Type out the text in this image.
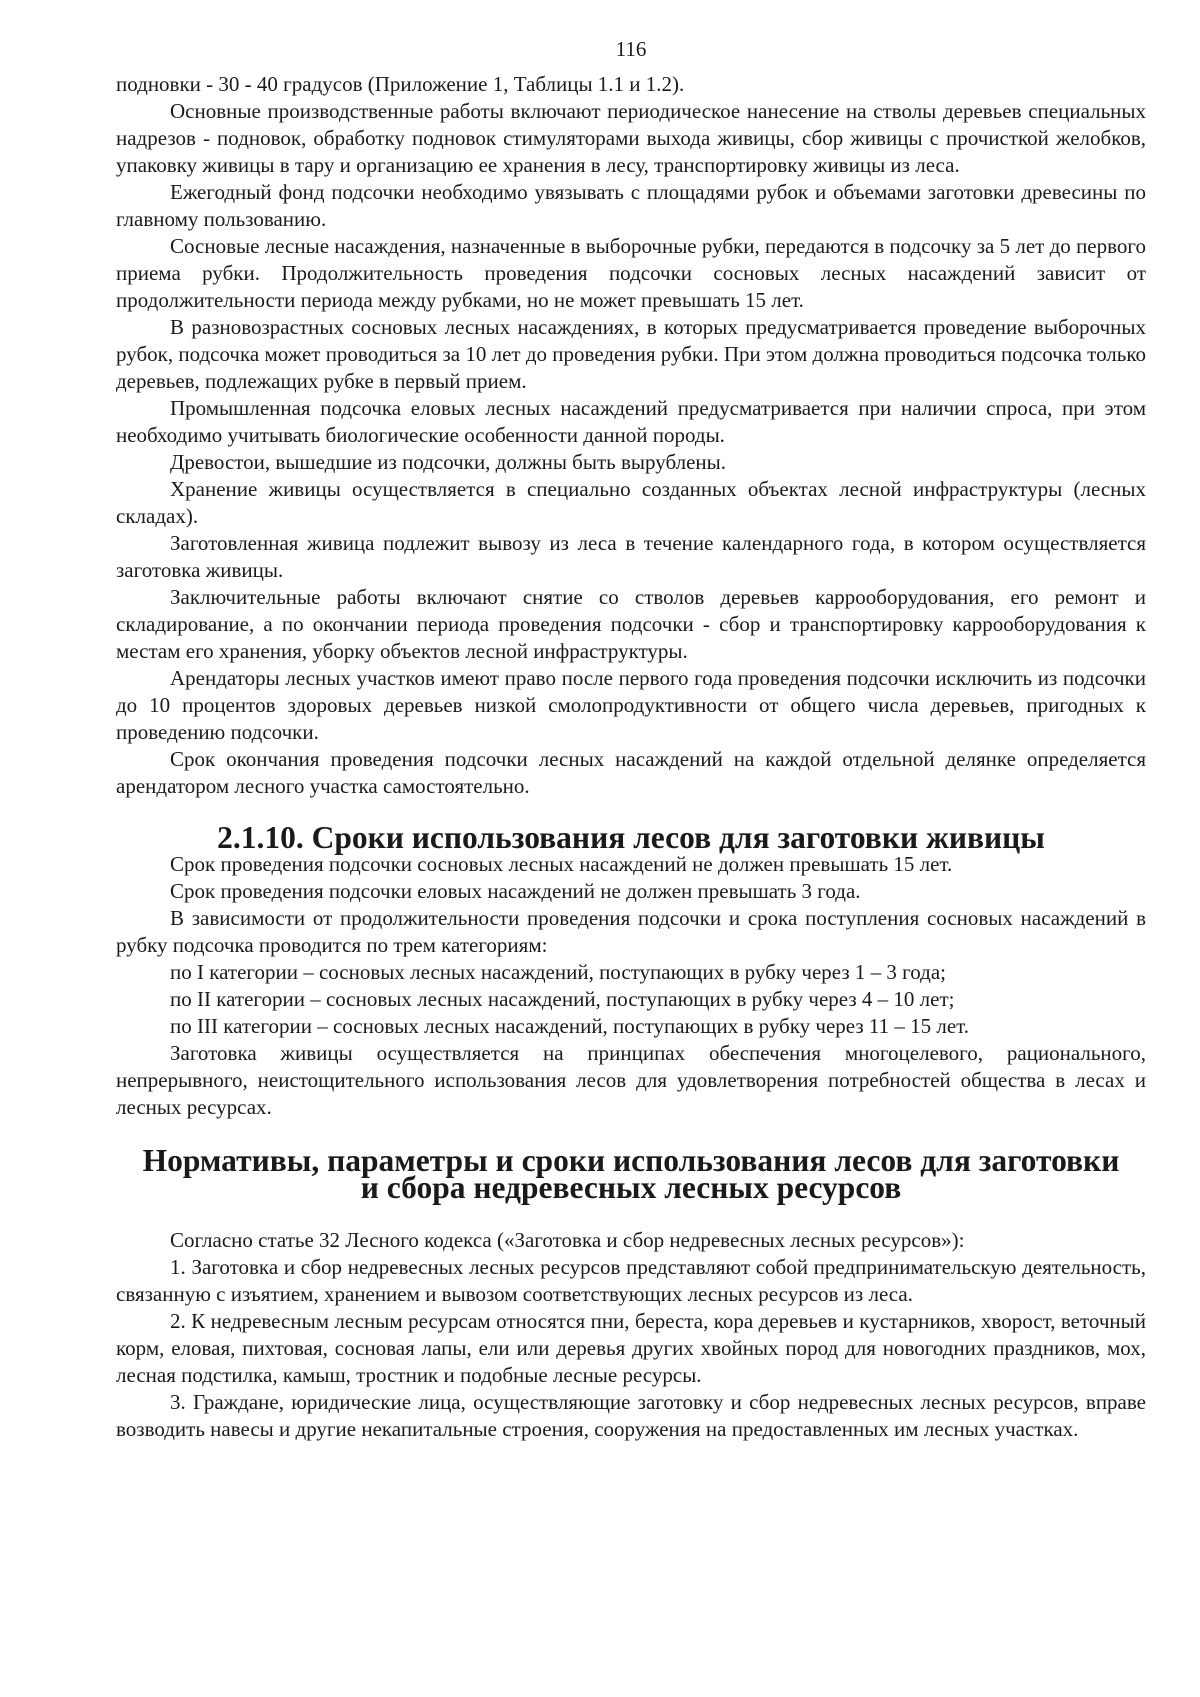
116

подновки - 30 - 40 градусов (Приложение 1, Таблицы 1.1 и 1.2).

Основные производственные работы включают периодическое нанесение на стволы деревьев специальных надрезов - подновок, обработку подновок стимуляторами выхода живицы, сбор живицы с прочисткой желобков, упаковку живицы в тару и организацию ее хранения в лесу, транспортировку живицы из леса.

Ежегодный фонд подсочки необходимо увязывать с площадями рубок и объемами заготовки древесины по главному пользованию.

Сосновые лесные насаждения, назначенные в выборочные рубки, передаются в подсочку за 5 лет до первого приема рубки. Продолжительность проведения подсочки сосновых лесных насаждений зависит от продолжительности периода между рубками, но не может превышать 15 лет.

В разновозрастных сосновых лесных насаждениях, в которых предусматривается проведение выборочных рубок, подсочка может проводиться за 10 лет до проведения рубки. При этом должна проводиться подсочка только деревьев, подлежащих рубке в первый прием.

Промышленная подсочка еловых лесных насаждений предусматривается при наличии спроса, при этом необходимо учитывать биологические особенности данной породы.

Древостои, вышедшие из подсочки, должны быть вырублены.

Хранение живицы осуществляется в специально созданных объектах лесной инфраструктуры (лесных складах).

Заготовленная живица подлежит вывозу из леса в течение календарного года, в котором осуществляется заготовка живицы.

Заключительные работы включают снятие со стволов деревьев каррооборудования, его ремонт и складирование, а по окончании периода проведения подсочки - сбор и транспортировку каррооборудования к местам его хранения, уборку объектов лесной инфраструктуры.

Арендаторы лесных участков имеют право после первого года проведения подсочки исключить из подсочки до 10 процентов здоровых деревьев низкой смолопродуктивности от общего числа деревьев, пригодных к проведению подсочки.

Срок окончания проведения подсочки лесных насаждений на каждой отдельной делянке определяется арендатором лесного участка самостоятельно.

2.1.10. Сроки использования лесов для заготовки живицы

Срок проведения подсочки сосновых лесных насаждений не должен превышать 15 лет.

Срок проведения подсочки еловых насаждений не должен превышать 3 года.

В зависимости от продолжительности проведения подсочки и срока поступления сосновых насаждений в рубку подсочка проводится по трем категориям:

по I категории – сосновых лесных насаждений, поступающих в рубку через 1 – 3 года;

по II категории – сосновых лесных насаждений, поступающих в рубку через 4 – 10 лет;

по III категории – сосновых лесных насаждений, поступающих в рубку через 11 – 15 лет.

Заготовка живицы осуществляется на принципах обеспечения многоцелевого, рационального, непрерывного, неистощительного использования лесов для удовлетворения потребностей общества в лесах и лесных ресурсах.

Нормативы, параметры и сроки использования лесов для заготовки и сбора недревесных лесных ресурсов

Согласно статье 32 Лесного кодекса («Заготовка и сбор недревесных лесных ресурсов»):

1. Заготовка и сбор недревесных лесных ресурсов представляют собой предпринимательскую деятельность, связанную с изъятием, хранением и вывозом соответствующих лесных ресурсов из леса.

2. К недревесным лесным ресурсам относятся пни, береста, кора деревьев и кустарников, хворост, веточный корм, еловая, пихтовая, сосновая лапы, ели или деревья других хвойных пород для новогодних праздников, мох, лесная подстилка, камыш, тростник и подобные лесные ресурсы.

3. Граждане, юридические лица, осуществляющие заготовку и сбор недревесных лесных ресурсов, вправе возводить навесы и другие некапитальные строения, сооружения на предоставленных им лесных участках.
